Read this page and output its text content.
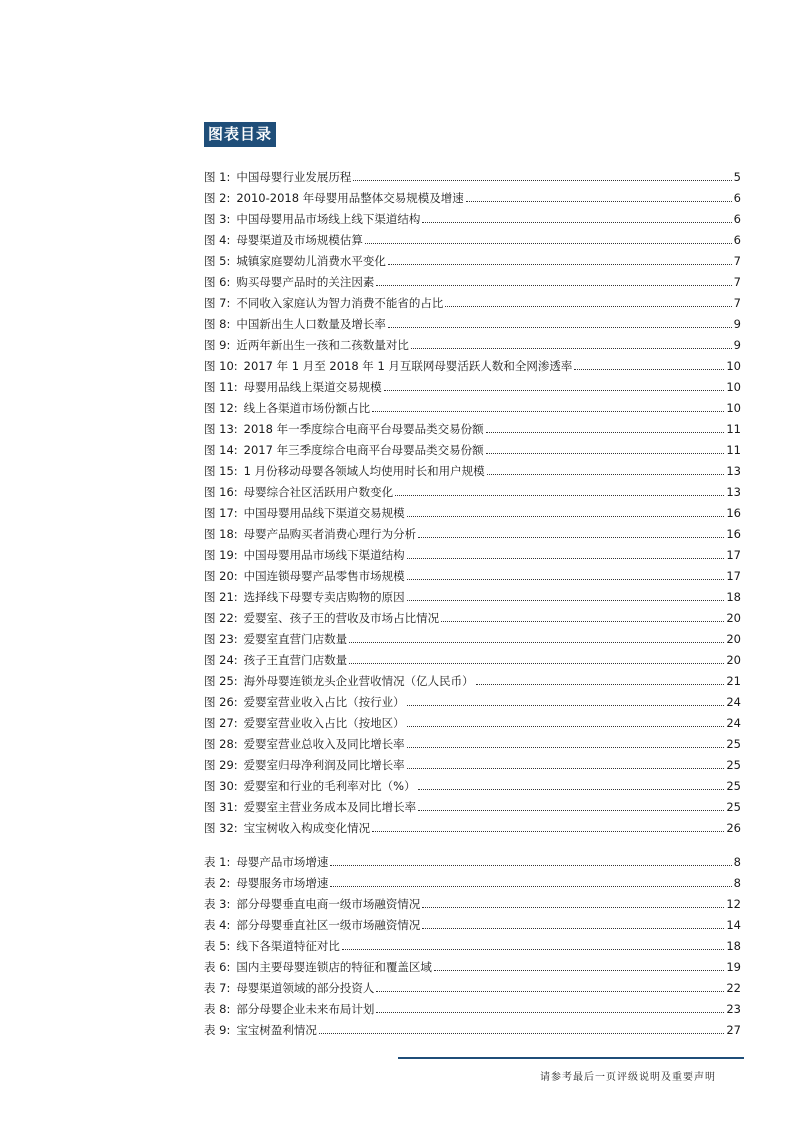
图表目录
图 1: 中国母婴行业发展历程	5
图 2: 2010-2018 年母婴用品整体交易规模及增速	6
图 3: 中国母婴用品市场线上线下渠道结构	6
图 4: 母婴渠道及市场规模估算	6
图 5: 城镇家庭婴幼儿消费水平变化	7
图 6: 购买母婴产品时的关注因素	7
图 7: 不同收入家庭认为智力消费不能省的占比	7
图 8: 中国新出生人口数量及增长率	9
图 9: 近两年新出生一孩和二孩数量对比	9
图 10: 2017 年 1 月至 2018 年 1 月互联网母婴活跃人数和全网渗透率	10
图 11: 母婴用品线上渠道交易规模	10
图 12: 线上各渠道市场份额占比	10
图 13: 2018 年一季度综合电商平台母婴品类交易份额	11
图 14: 2017 年三季度综合电商平台母婴品类交易份额	11
图 15: 1 月份移动母婴各领域人均使用时长和用户规模	13
图 16: 母婴综合社区活跃用户数变化	13
图 17: 中国母婴用品线下渠道交易规模	16
图 18: 母婴产品购买者消费心理行为分析	16
图 19: 中国母婴用品市场线下渠道结构	17
图 20: 中国连锁母婴产品零售市场规模	17
图 21: 选择线下母婴专卖店购物的原因	18
图 22: 爱婴室、孩子王的营收及市场占比情况	20
图 23: 爱婴室直营门店数量	20
图 24: 孩子王直营门店数量	20
图 25: 海外母婴连锁龙头企业营收情况（亿人民币）	21
图 26: 爱婴室营业收入占比（按行业）	24
图 27: 爱婴室营业收入占比（按地区）	24
图 28: 爱婴室营业总收入及同比增长率	25
图 29: 爱婴室归母净利润及同比增长率	25
图 30: 爱婴室和行业的毛利率对比（%）	25
图 31: 爱婴室主营业务成本及同比增长率	25
图 32: 宝宝树收入构成变化情况	26
表 1: 母婴产品市场增速	8
表 2: 母婴服务市场增速	8
表 3: 部分母婴垂直电商一级市场融资情况	12
表 4: 部分母婴垂直社区一级市场融资情况	14
表 5: 线下各渠道特征对比	18
表 6: 国内主要母婴连锁店的特征和覆盖区域	19
表 7: 母婴渠道领域的部分投资人	22
表 8: 部分母婴企业未来布局计划	23
表 9: 宝宝树盈利情况	27
请参考最后一页评级说明及重要声明
